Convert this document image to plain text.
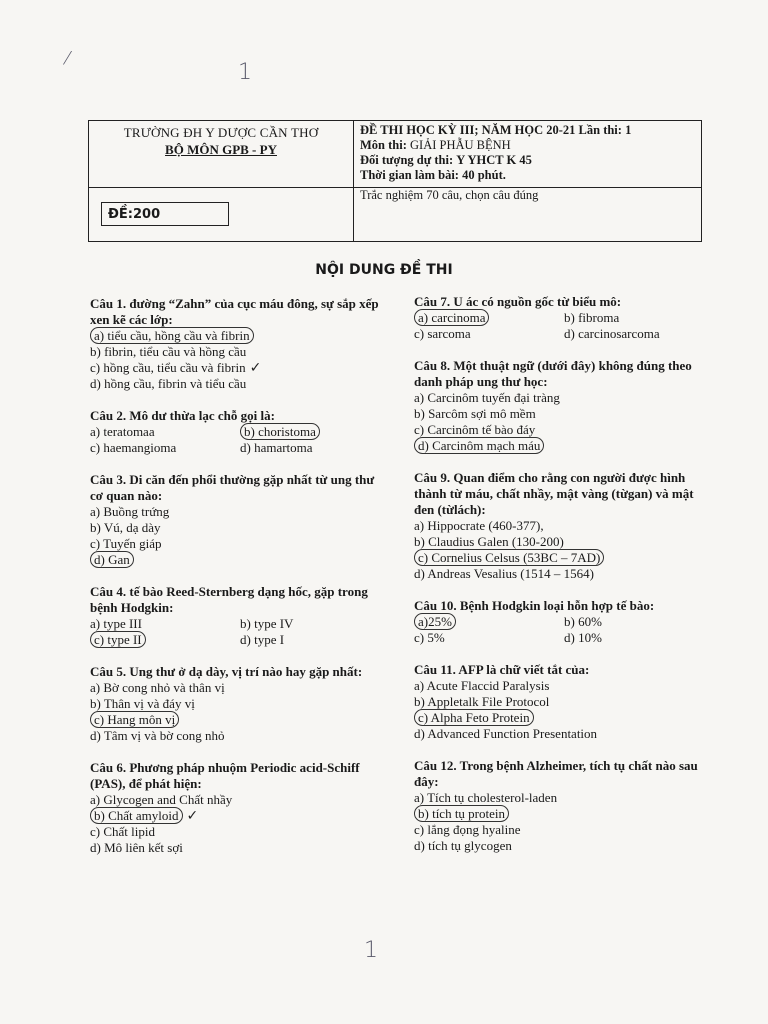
1
⁄
TRƯỜNG ĐH Y DƯỢC CẦN THƠ
BỘ MÔN GPB - PY
ĐỀ THI HỌC KỲ III; NĂM HỌC 20-21 Lần thi: 1
Môn thi: GIẢI PHẪU BỆNH
Đối tượng dự thi: Y YHCT K 45
Thời gian làm bài: 40 phút.
ĐỀ:200
Trắc nghiệm 70 câu, chọn câu đúng
NỘI DUNG ĐỀ THI
Câu 1. đường “Zahn” của cục máu đông, sự sắp xếp xen kẽ các lớp:
a) tiểu cầu, hồng cầu và fibrin
b) fibrin, tiểu cầu và hồng cầu
c) hồng cầu, tiểu cầu và fibrin ✓
d) hồng cầu, fibrin và tiểu cầu
Câu 2. Mô dư thừa lạc chỗ gọi là:
a) teratomaa	b) choristoma
c) haemangioma	d) hamartoma
Câu 3. Di căn đến phổi thường gặp nhất từ ung thư cơ quan nào:
a) Buồng trứng
b) Vú, dạ dày
c) Tuyến giáp
d) Gan
Câu 4. tế bào Reed-Sternberg dạng hốc, gặp trong bệnh Hodgkin:
a) type III	b) type IV
c) type II	d) type I
Câu 5. Ung thư ở dạ dày, vị trí nào hay gặp nhất:
a) Bờ cong nhỏ và thân vị
b) Thân vị và đáy vị
c) Hang môn vị
d) Tâm vị và bờ cong nhỏ
Câu 6. Phương pháp nhuộm Periodic acid-Schiff (PAS), để phát hiện:
a) Glycogen and Chất nhầy
b) Chất amyloid ✓
c) Chất lipid
d) Mô liên kết sợi
Câu 7. U ác có nguồn gốc từ biểu mô:
a) carcinoma	b) fibroma
c) sarcoma	d) carcinosarcoma
Câu 8. Một thuật ngữ (dưới đây) không đúng theo danh pháp ung thư học:
a) Carcinôm tuyến đại tràng
b) Sarcôm sợi mô mềm
c) Carcinôm tế bào đáy
d) Carcinôm mạch máu
Câu 9. Quan điểm cho rằng con người được hình thành từ máu, chất nhầy, mật vàng (từgan) và mật đen (từlách):
a) Hippocrate (460-377),
b) Claudius Galen (130-200)
c) Cornelius Celsus (53BC – 7AD)
d) Andreas Vesalius (1514 – 1564)
Câu 10. Bệnh Hodgkin loại hỗn hợp tế bào:
a)25%	b) 60%
c) 5%	d) 10%
Câu 11. AFP là chữ viết tắt của:
a) Acute Flaccid Paralysis
b) Appletalk File Protocol
c) Alpha Feto Protein
d) Advanced Function Presentation
Câu 12. Trong bệnh Alzheimer, tích tụ chất nào sau đây:
a) Tích tụ cholesterol-laden
b) tích tụ protein
c) lắng đọng hyaline
d) tích tụ glycogen
1
